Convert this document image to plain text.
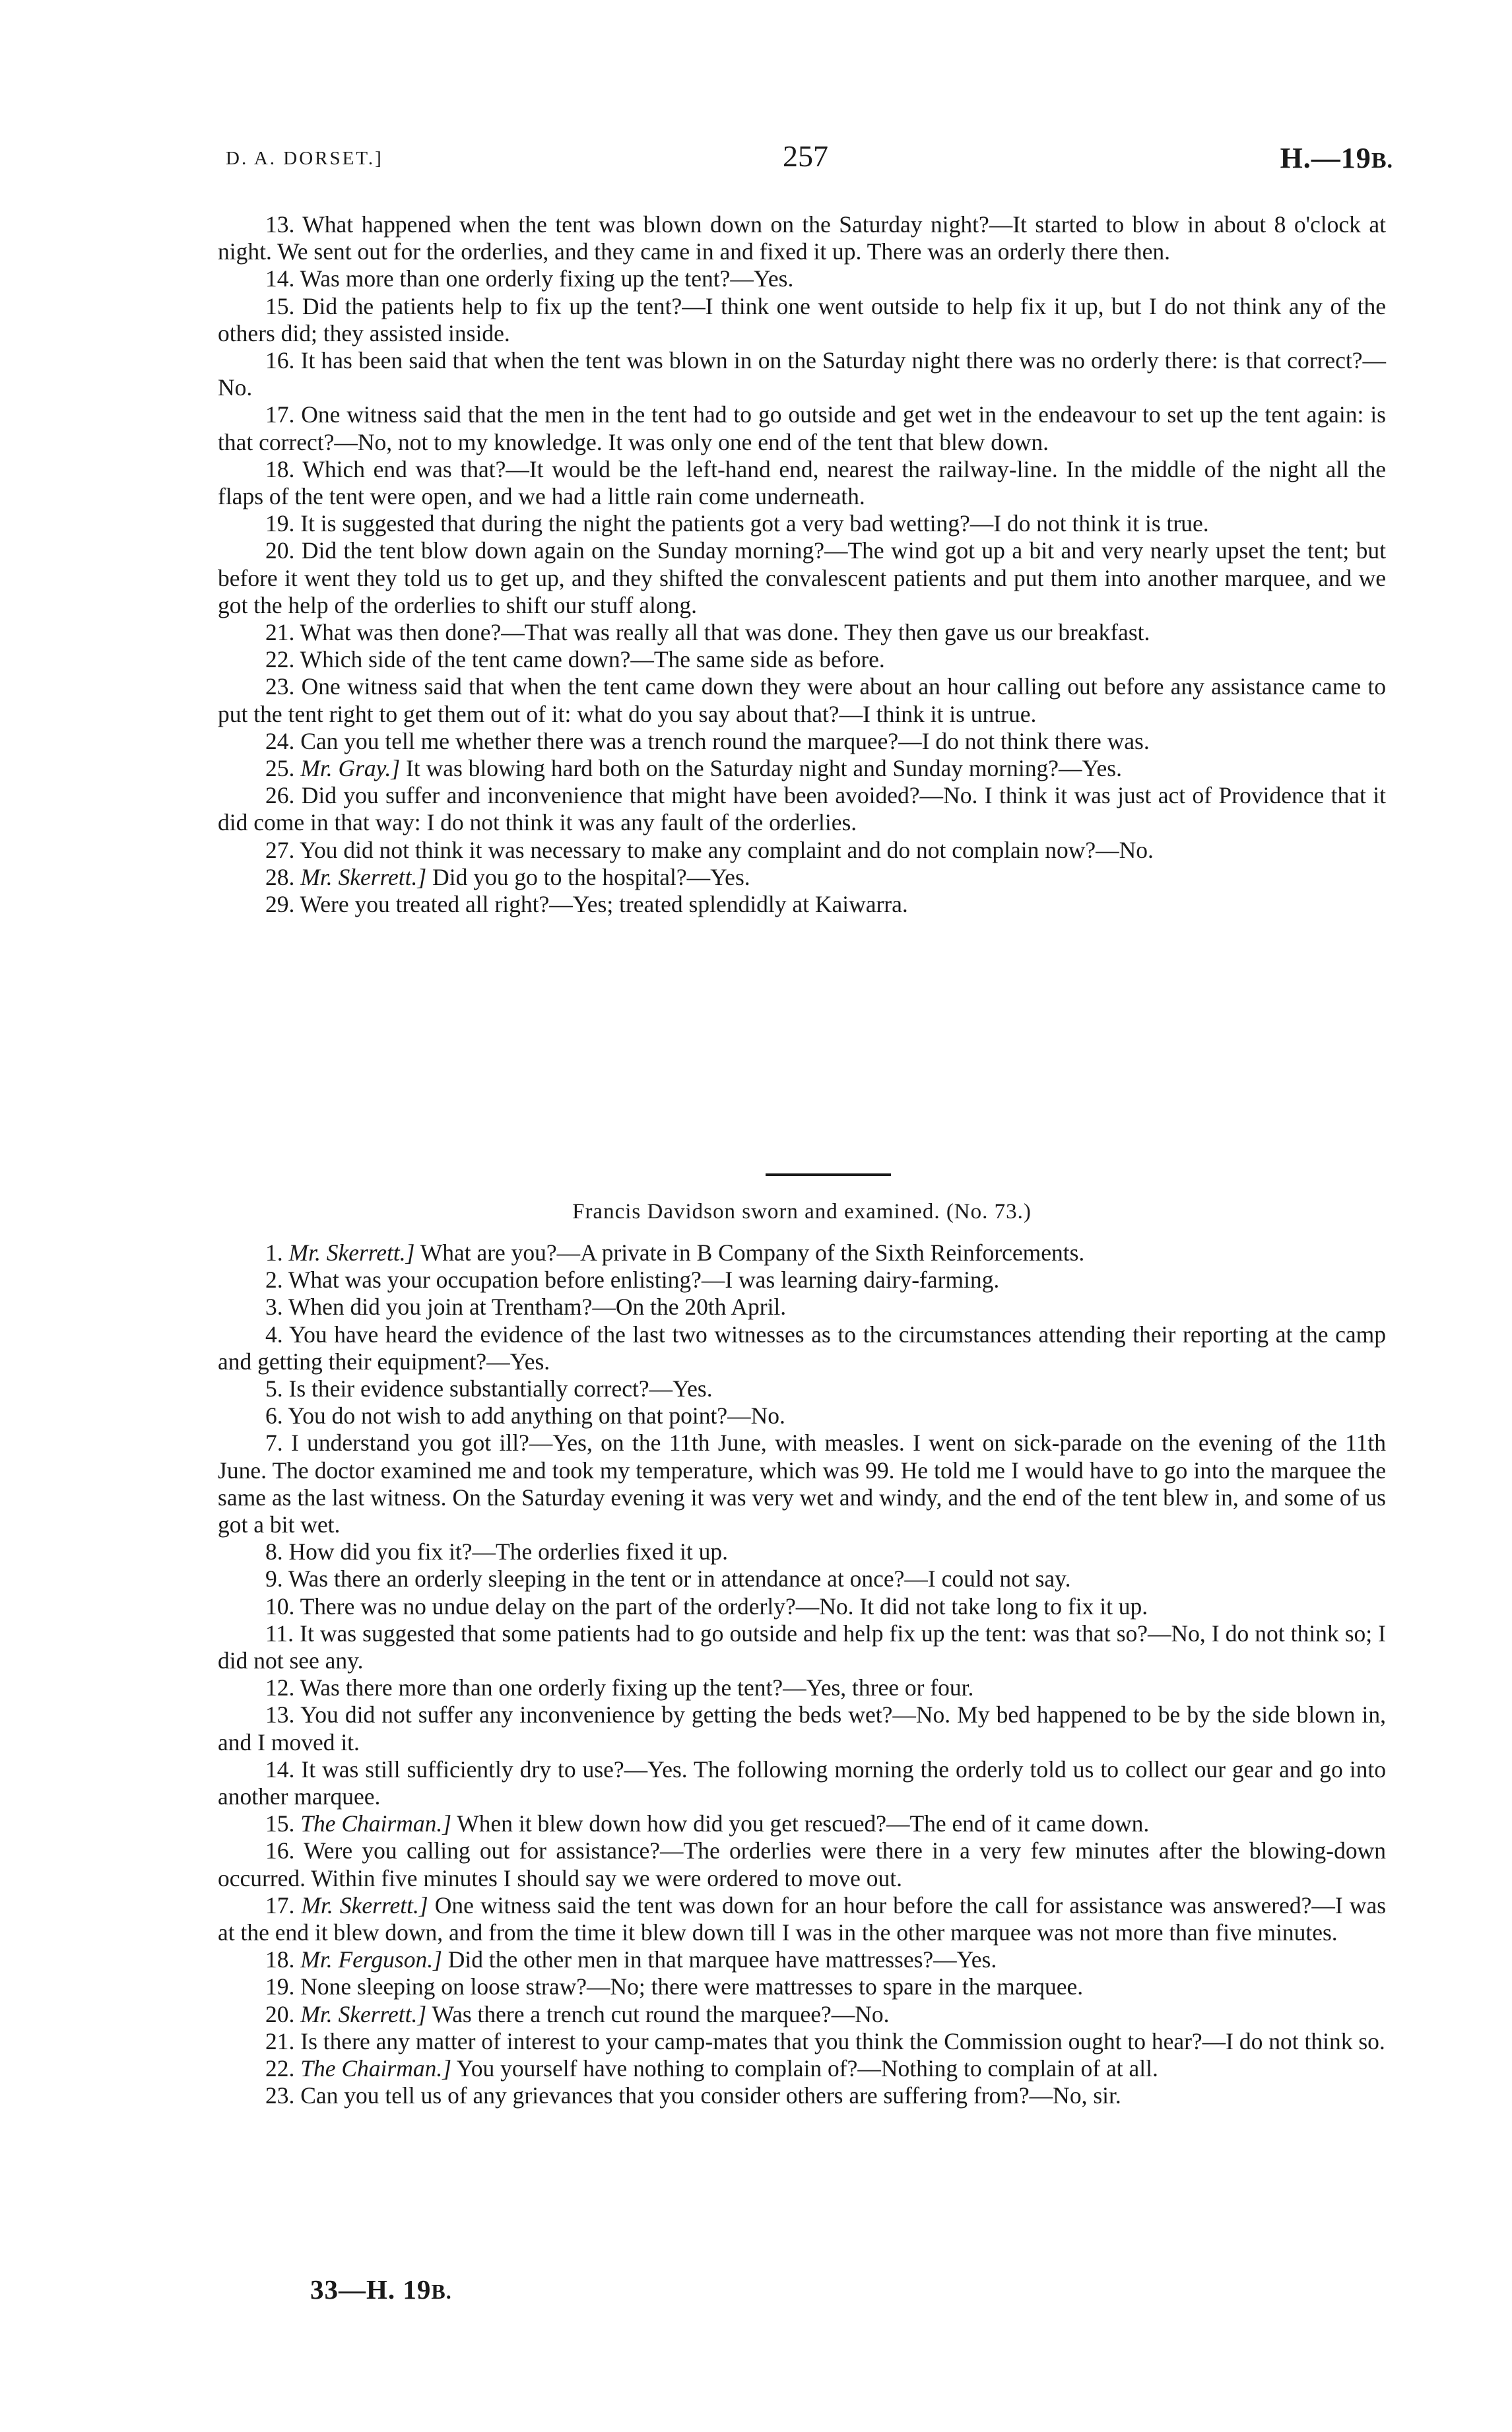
D. A. DORSET.]	257	H.—19B.

13. What happened when the tent was blown down on the Saturday night?—It started to blow in about 8 o'clock at night. We sent out for the orderlies, and they came in and fixed it up. There was an orderly there then.

14. Was more than one orderly fixing up the tent?—Yes.

15. Did the patients help to fix up the tent?—I think one went outside to help fix it up, but I do not think any of the others did; they assisted inside.

16. It has been said that when the tent was blown in on the Saturday night there was no orderly there: is that correct?—No.

17. One witness said that the men in the tent had to go outside and get wet in the endeavour to set up the tent again: is that correct?—No, not to my knowledge. It was only one end of the tent that blew down.

18. Which end was that?—It would be the left-hand end, nearest the railway-line. In the middle of the night all the flaps of the tent were open, and we had a little rain come underneath.

19. It is suggested that during the night the patients got a very bad wetting?—I do not think it is true.

20. Did the tent blow down again on the Sunday morning?—The wind got up a bit and very nearly upset the tent; but before it went they told us to get up, and they shifted the convalescent patients and put them into another marquee, and we got the help of the orderlies to shift our stuff along.

21. What was then done?—That was really all that was done. They then gave us our breakfast.

22. Which side of the tent came down?—The same side as before.

23. One witness said that when the tent came down they were about an hour calling out before any assistance came to put the tent right to get them out of it: what do you say about that?—I think it is untrue.

24. Can you tell me whether there was a trench round the marquee?—I do not think there was.

25. Mr. Gray.] It was blowing hard both on the Saturday night and Sunday morning?—Yes.

26. Did you suffer and inconvenience that might have been avoided?—No. I think it was just act of Providence that it did come in that way: I do not think it was any fault of the orderlies.

27. You did not think it was necessary to make any complaint and do not complain now?—No.

28. Mr. Skerrett.] Did you go to the hospital?—Yes.

29. Were you treated all right?—Yes; treated splendidly at Kaiwarra.

Francis Davidson sworn and examined. (No. 73.)

1. Mr. Skerrett.] What are you?—A private in B Company of the Sixth Reinforcements.

2. What was your occupation before enlisting?—I was learning dairy-farming.

3. When did you join at Trentham?—On the 20th April.

4. You have heard the evidence of the last two witnesses as to the circumstances attending their reporting at the camp and getting their equipment?—Yes.

5. Is their evidence substantially correct?—Yes.

6. You do not wish to add anything on that point?—No.

7. I understand you got ill?—Yes, on the 11th June, with measles. I went on sick-parade on the evening of the 11th June. The doctor examined me and took my temperature, which was 99. He told me I would have to go into the marquee the same as the last witness. On the Saturday evening it was very wet and windy, and the end of the tent blew in, and some of us got a bit wet.

8. How did you fix it?—The orderlies fixed it up.

9. Was there an orderly sleeping in the tent or in attendance at once?—I could not say.

10. There was no undue delay on the part of the orderly?—No. It did not take long to fix it up.

11. It was suggested that some patients had to go outside and help fix up the tent: was that so?—No, I do not think so; I did not see any.

12. Was there more than one orderly fixing up the tent?—Yes, three or four.

13. You did not suffer any inconvenience by getting the beds wet?—No. My bed happened to be by the side blown in, and I moved it.

14. It was still sufficiently dry to use?—Yes. The following morning the orderly told us to collect our gear and go into another marquee.

15. The Chairman.] When it blew down how did you get rescued?—The end of it came down.

16. Were you calling out for assistance?—The orderlies were there in a very few minutes after the blowing-down occurred. Within five minutes I should say we were ordered to move out.

17. Mr. Skerrett.] One witness said the tent was down for an hour before the call for assistance was answered?—I was at the end it blew down, and from the time it blew down till I was in the other marquee was not more than five minutes.

18. Mr. Ferguson.] Did the other men in that marquee have mattresses?—Yes.

19. None sleeping on loose straw?—No; there were mattresses to spare in the marquee.

20. Mr. Skerrett.] Was there a trench cut round the marquee?—No.

21. Is there any matter of interest to your camp-mates that you think the Commission ought to hear?—I do not think so.

22. The Chairman.] You yourself have nothing to complain of?—Nothing to complain of at all.

23. Can you tell us of any grievances that you consider others are suffering from?—No, sir.

33—H. 19B.
